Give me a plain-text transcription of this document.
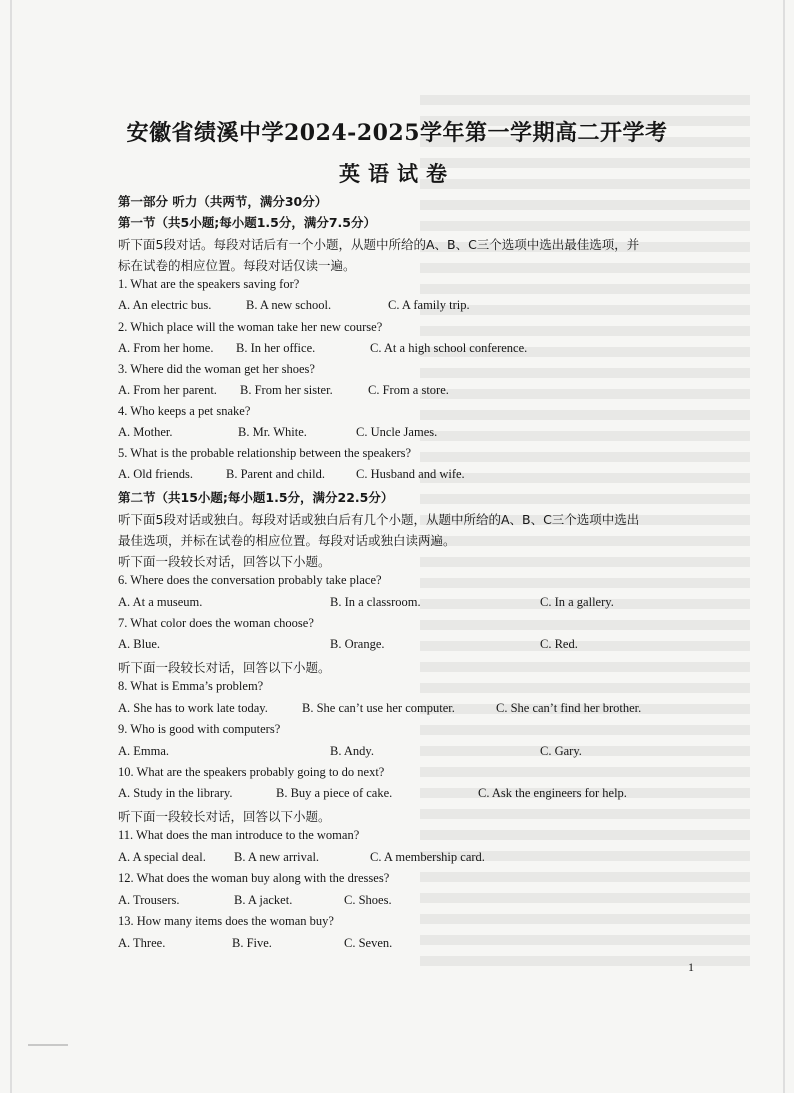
安徽省绩溪中学2024-2025学年第一学期高二开学考
英语试卷
第一部分 听力（共两节，满分30分）
第一节（共5小题;每小题1.5分，满分7.5分）
听下面5段对话。每段对话后有一个小题，从题中所给的A、B、C三个选项中选出最佳选项，并
标在试卷的相应位置。每段对话仅读一遍。
1. What are the speakers saving for?
A. An electric bus.	B. A new school.	C. A family trip.
2. Which place will the woman take her new course?
A. From her home. B. In her office.	C. At a high school conference.
3. Where did the woman get her shoes?
A. From her parent. B. From her sister.	C. From a store.
4. Who keeps a pet snake?
A. Mother.	B. Mr. White.	C. Uncle James.
5. What is the probable relationship between the speakers?
A. Old friends.	B. Parent and child. C. Husband and wife.
第二节（共15小题;每小题1.5分，满分22.5分）
听下面5段对话或独白。每段对话或独白后有几个小题，从题中所给的A、B、C三个选项中选出
最佳选项，并标在试卷的相应位置。每段对话或独白读两遍。
听下面一段较长对话，回答以下小题。
6. Where does the conversation probably take place?
A. At a museum.	B. In a classroom.	C. In a gallery.
7. What color does the woman choose?
A. Blue.	B. Orange.	C. Red.
听下面一段较长对话，回答以下小题。
8. What is Emma’s problem?
A. She has to work late today.	B. She can’t use her computer.	C. She can’t find her brother.
9. Who is good with computers?
A. Emma.	B. Andy.	C. Gary.
10. What are the speakers probably going to do next?
A. Study in the library.	B. Buy a piece of cake.	C. Ask the engineers for help.
听下面一段较长对话，回答以下小题。
11. What does the man introduce to the woman?
A. A special deal. B. A new arrival.	C. A membership card.
12. What does the woman buy along with the dresses?
A. Trousers.	B. A jacket.	C. Shoes.
13. How many items does the woman buy?
A. Three.	B. Five.	C. Seven.
1
